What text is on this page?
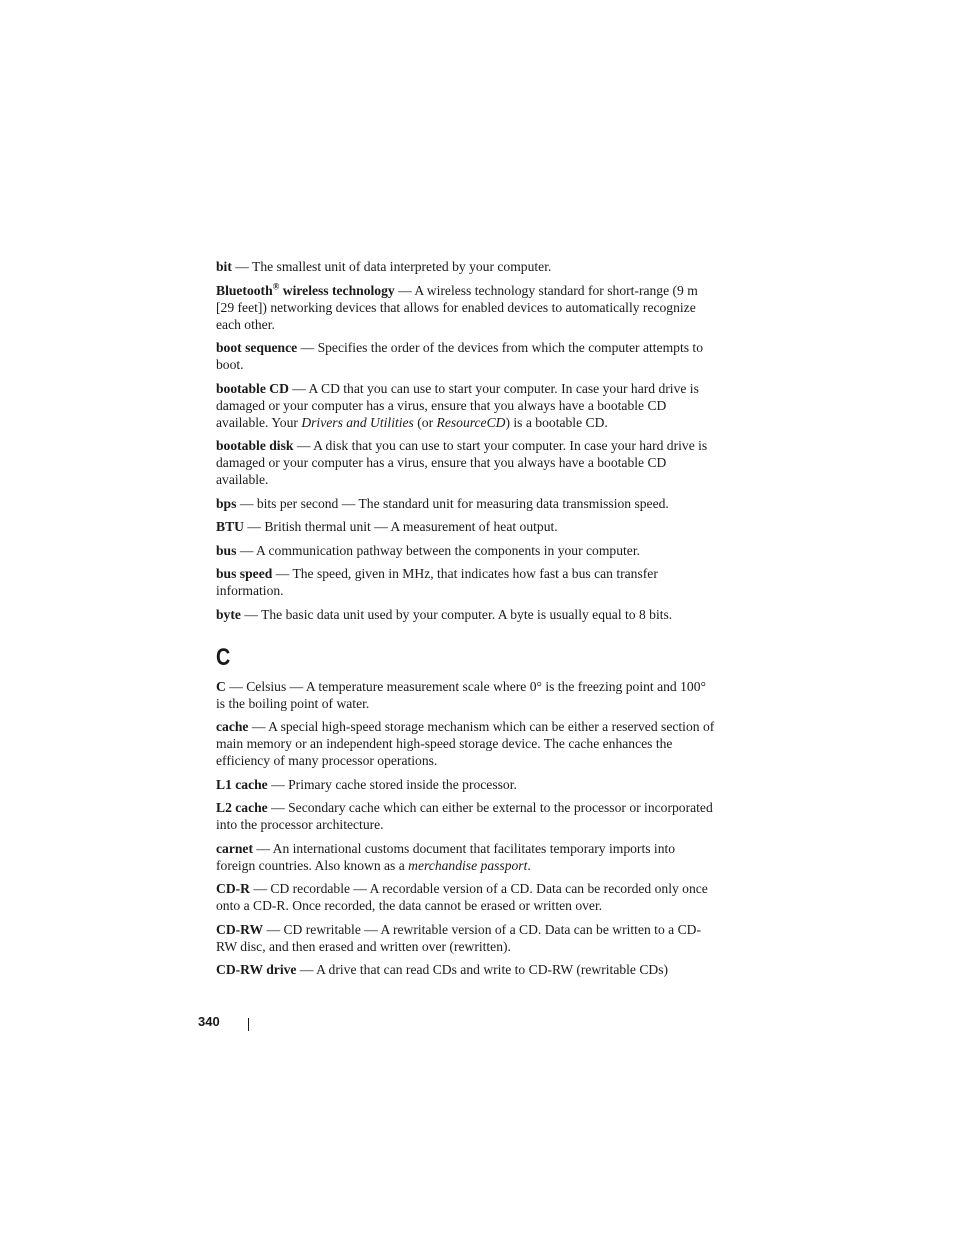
bit — The smallest unit of data interpreted by your computer.

Bluetooth® wireless technology — A wireless technology standard for short-range (9 m [29 feet]) networking devices that allows for enabled devices to automatically recognize each other.

boot sequence — Specifies the order of the devices from which the computer attempts to boot.

bootable CD — A CD that you can use to start your computer. In case your hard drive is damaged or your computer has a virus, ensure that you always have a bootable CD available. Your Drivers and Utilities (or ResourceCD) is a bootable CD.

bootable disk — A disk that you can use to start your computer. In case your hard drive is damaged or your computer has a virus, ensure that you always have a bootable CD available.

bps — bits per second — The standard unit for measuring data transmission speed.

BTU — British thermal unit — A measurement of heat output.

bus — A communication pathway between the components in your computer.

bus speed — The speed, given in MHz, that indicates how fast a bus can transfer information.

byte — The basic data unit used by your computer. A byte is usually equal to 8 bits.

C

C — Celsius — A temperature measurement scale where 0° is the freezing point and 100° is the boiling point of water.

cache — A special high-speed storage mechanism which can be either a reserved section of main memory or an independent high-speed storage device. The cache enhances the efficiency of many processor operations.

L1 cache — Primary cache stored inside the processor.

L2 cache — Secondary cache which can either be external to the processor or incorporated into the processor architecture.

carnet — An international customs document that facilitates temporary imports into foreign countries. Also known as a merchandise passport.

CD-R — CD recordable — A recordable version of a CD. Data can be recorded only once onto a CD-R. Once recorded, the data cannot be erased or written over.

CD-RW — CD rewritable — A rewritable version of a CD. Data can be written to a CD-RW disc, and then erased and written over (rewritten).

CD-RW drive — A drive that can read CDs and write to CD-RW (rewritable CDs)

340
